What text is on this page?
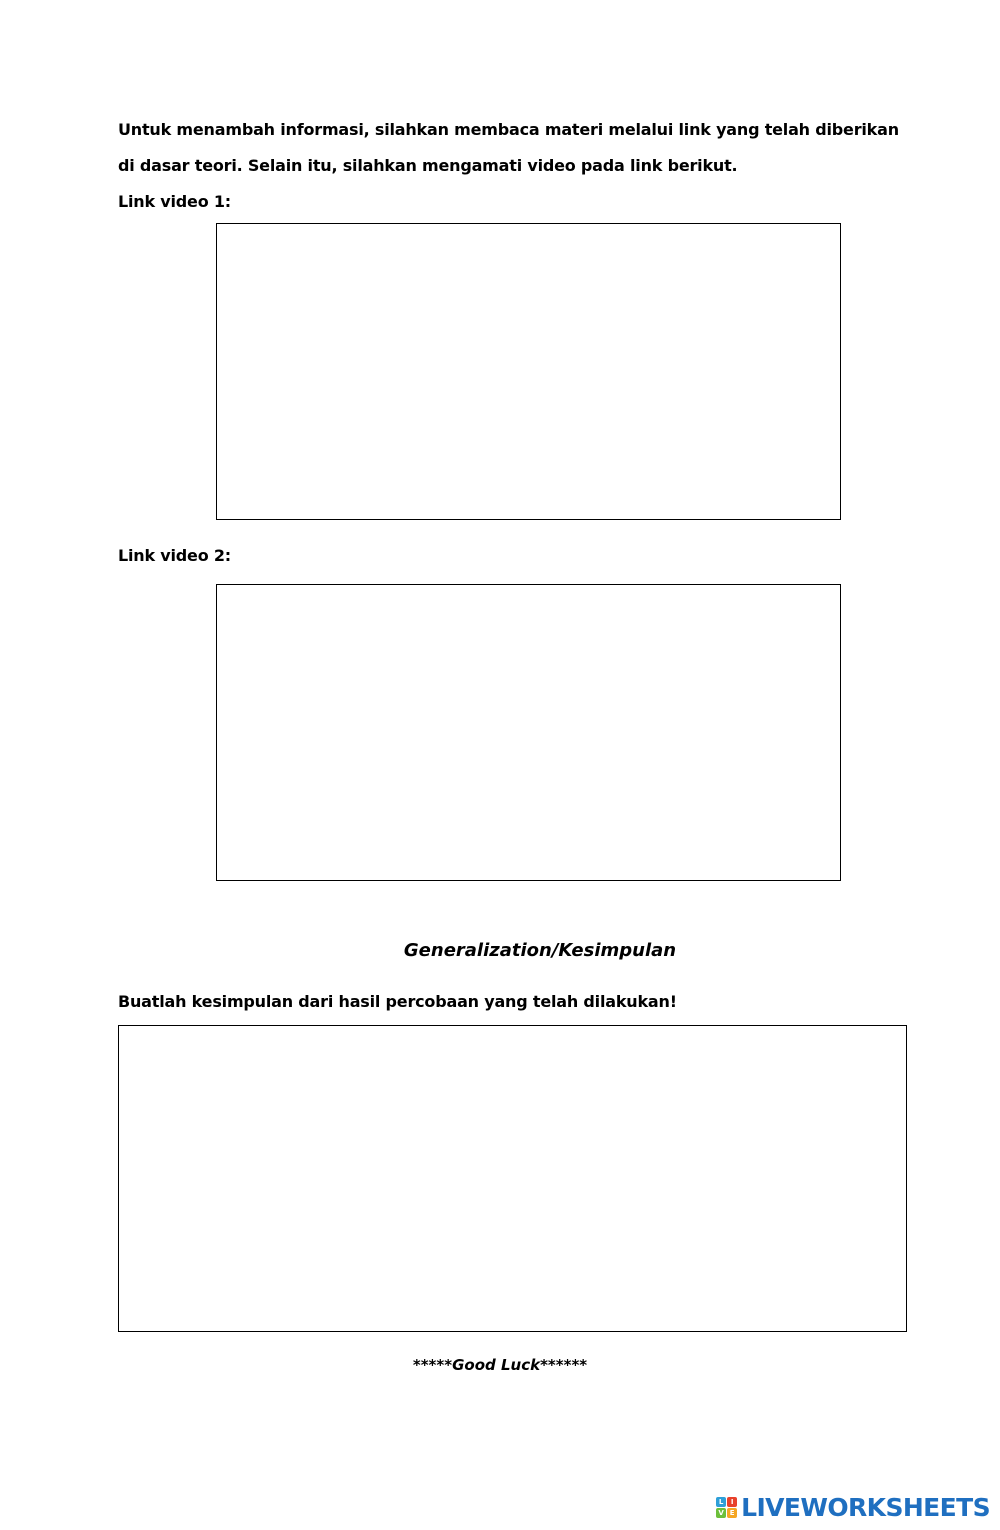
Untuk menambah informasi, silahkan membaca materi melalui link yang telah diberikan
di dasar teori. Selain itu, silahkan mengamati video pada link berikut.
Link video 1:
Link video 2:
Generalization/Kesimpulan
Buatlah kesimpulan dari hasil percobaan yang telah dilakukan!
*****Good Luck******
L	I
V E LIVEWORKSHEETS
